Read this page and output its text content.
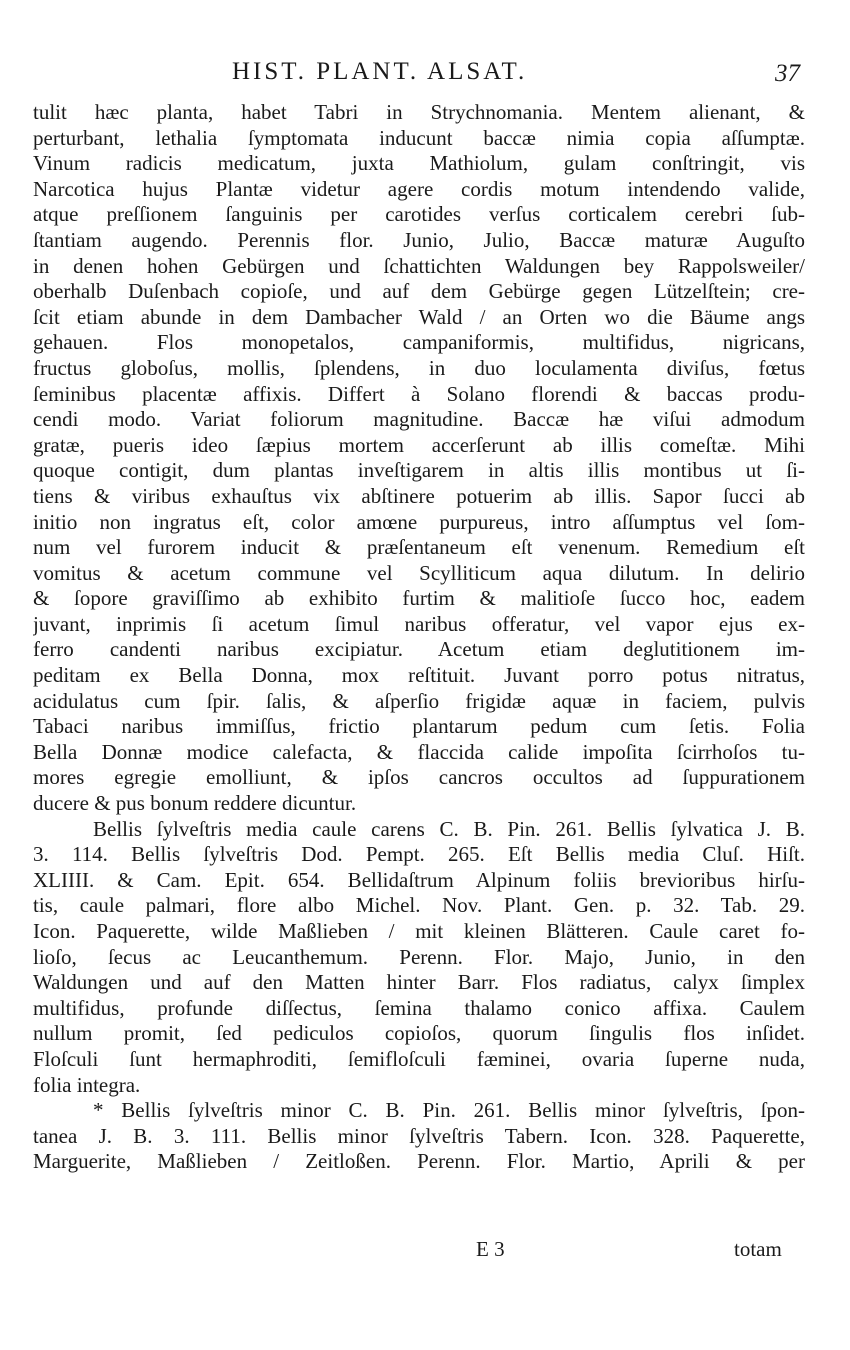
HIST. PLANT. ALSAT.	37
tulit hæc planta, habet Tabri in Strychnomania. Mentem alienant, &
perturbant, lethalia ſymptomata inducunt baccæ nimia copia aſſumptæ.
Vinum radicis medicatum, juxta Mathiolum, gulam conſtringit, vis
Narcotica hujus Plantæ videtur agere cordis motum intendendo valide,
atque preſſionem ſanguinis per carotides verſus corticalem cerebri ſub-
ſtantiam augendo. Perennis flor. Junio, Julio, Baccæ maturæ Auguſto
in denen hohen Gebürgen und ſchattichten Waldungen bey Rappolsweiler/
oberhalb Duſenbach copioſe, und auf dem Gebürge gegen Lützelſtein; cre-
ſcit etiam abunde in dem Dambacher Wald / an Orten wo die Bäume angs
gehauen. Flos monopetalos, campaniformis, multifidus, nigricans,
fructus globoſus, mollis, ſplendens, in duo loculamenta diviſus, fœtus
ſeminibus placentæ affixis. Differt à Solano florendi & baccas produ-
cendi modo. Variat foliorum magnitudine. Baccæ hæ viſui admodum
gratæ, pueris ideo ſæpius mortem accerſerunt ab illis comeſtæ. Mihi
quoque contigit, dum plantas inveſtigarem in altis illis montibus ut ſi-
tiens & viribus exhauſtus vix abſtinere potuerim ab illis. Sapor ſucci ab
initio non ingratus eſt, color amœne purpureus, intro aſſumptus vel ſom-
num vel furorem inducit & præſentaneum eſt venenum. Remedium eſt
vomitus & acetum commune vel Scylliticum aqua dilutum. In delirio
& ſopore graviſſimo ab exhibito furtim & malitioſe ſucco hoc, eadem
juvant, inprimis ſi acetum ſimul naribus offeratur, vel vapor ejus ex-
ferro candenti naribus excipiatur. Acetum etiam deglutitionem im-
peditam ex Bella Donna, mox reſtituit. Juvant porro potus nitratus,
acidulatus cum ſpir. ſalis, & aſperſio frigidæ aquæ in faciem, pulvis
Tabaci naribus immiſſus, frictio plantarum pedum cum ſetis. Folia
Bella Donnæ modice calefacta, & flaccida calide impoſita ſcirrhoſos tu-
mores egregie emolliunt, & ipſos cancros occultos ad ſuppurationem
ducere & pus bonum reddere dicuntur.
Bellis ſylveſtris media caule carens C. B. Pin. 261. Bellis ſylvatica J. B.
3. 114. Bellis ſylveſtris Dod. Pempt. 265. Eſt Bellis media Cluſ. Hiſt.
XLIIII. & Cam. Epit. 654. Bellidaſtrum Alpinum foliis brevioribus hirſu-
tis, caule palmari, flore albo Michel. Nov. Plant. Gen. p. 32. Tab. 29.
Icon. Paquerette, wilde Maßlieben / mit kleinen Blätteren. Caule caret fo-
lioſo, ſecus ac Leucanthemum. Perenn. Flor. Majo, Junio, in den
Waldungen und auf den Matten hinter Barr. Flos radiatus, calyx ſimplex
multifidus, profunde diſſectus, ſemina thalamo conico affixa. Caulem
nullum promit, ſed pediculos copioſos, quorum ſingulis flos inſidet.
Floſculi ſunt hermaphroditi, ſemifloſculi fæminei, ovaria ſuperne nuda,
folia integra.
* Bellis ſylveſtris minor C. B. Pin. 261. Bellis minor ſylveſtris, ſpon-
tanea J. B. 3. 111. Bellis minor ſylveſtris Tabern. Icon. 328. Paquerette,
Marguerite, Maßlieben / Zeitloßen. Perenn. Flor. Martio, Aprili & per
E 3	totam
